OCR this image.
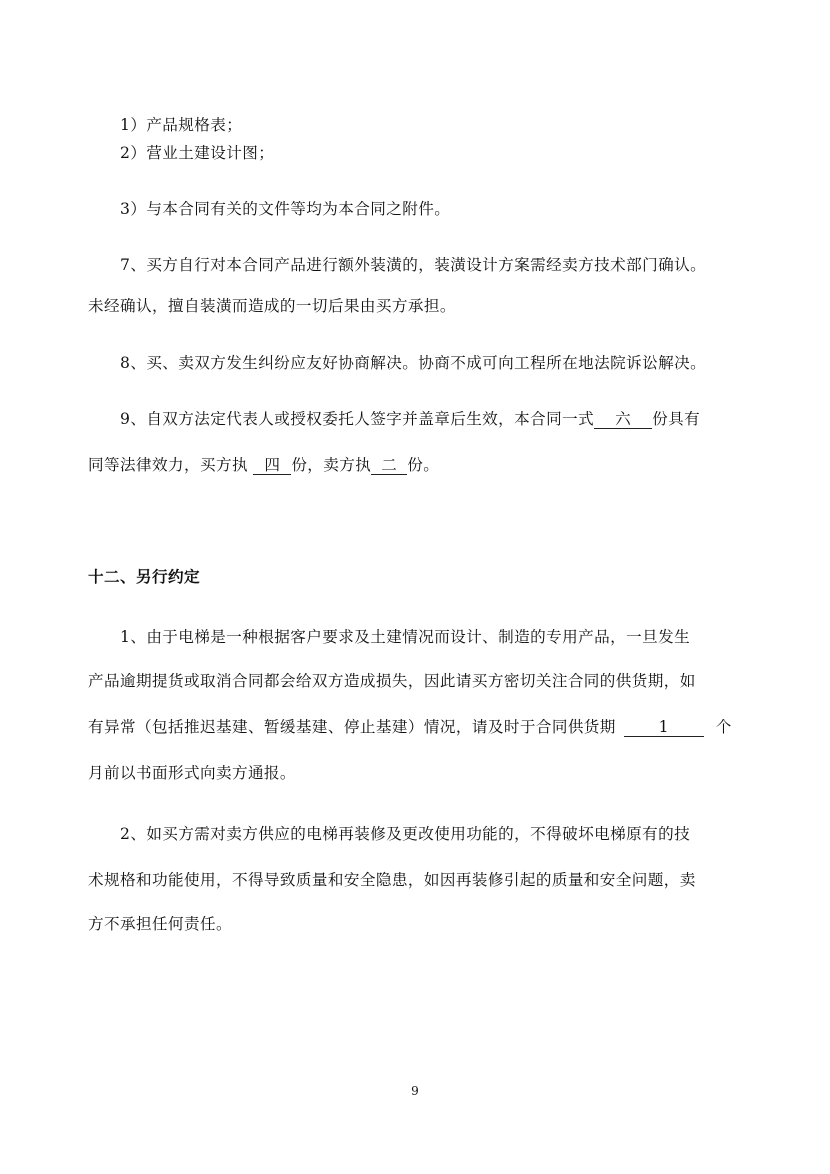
1）产品规格表；
2）营业土建设计图；
3）与本合同有关的文件等均为本合同之附件。
7、买方自行对本合同产品进行额外装潢的，装潢设计方案需经卖方技术部门确认。
未经确认，擅自装潢而造成的一切后果由买方承担。
8、买、卖双方发生纠纷应友好协商解决。协商不成可向工程所在地法院诉讼解决。
9、自双方法定代表人或授权委托人签字并盖章后生效，本合同一式 六 份具有
同等法律效力，买方执 四 份，卖方执 二 份。
十二、另行约定
1、由于电梯是一种根据客户要求及土建情况而设计、制造的专用产品，一旦发生
产品逾期提货或取消合同都会给双方造成损失，因此请买方密切关注合同的供货期，如
有异常（包括推迟基建、暂缓基建、停止基建）情况，请及时于合同供货期	1	个
月前以书面形式向卖方通报。
2、如买方需对卖方供应的电梯再装修及更改使用功能的，不得破坏电梯原有的技
术规格和功能使用，不得导致质量和安全隐患，如因再装修引起的质量和安全问题，卖
方不承担任何责任。
9
